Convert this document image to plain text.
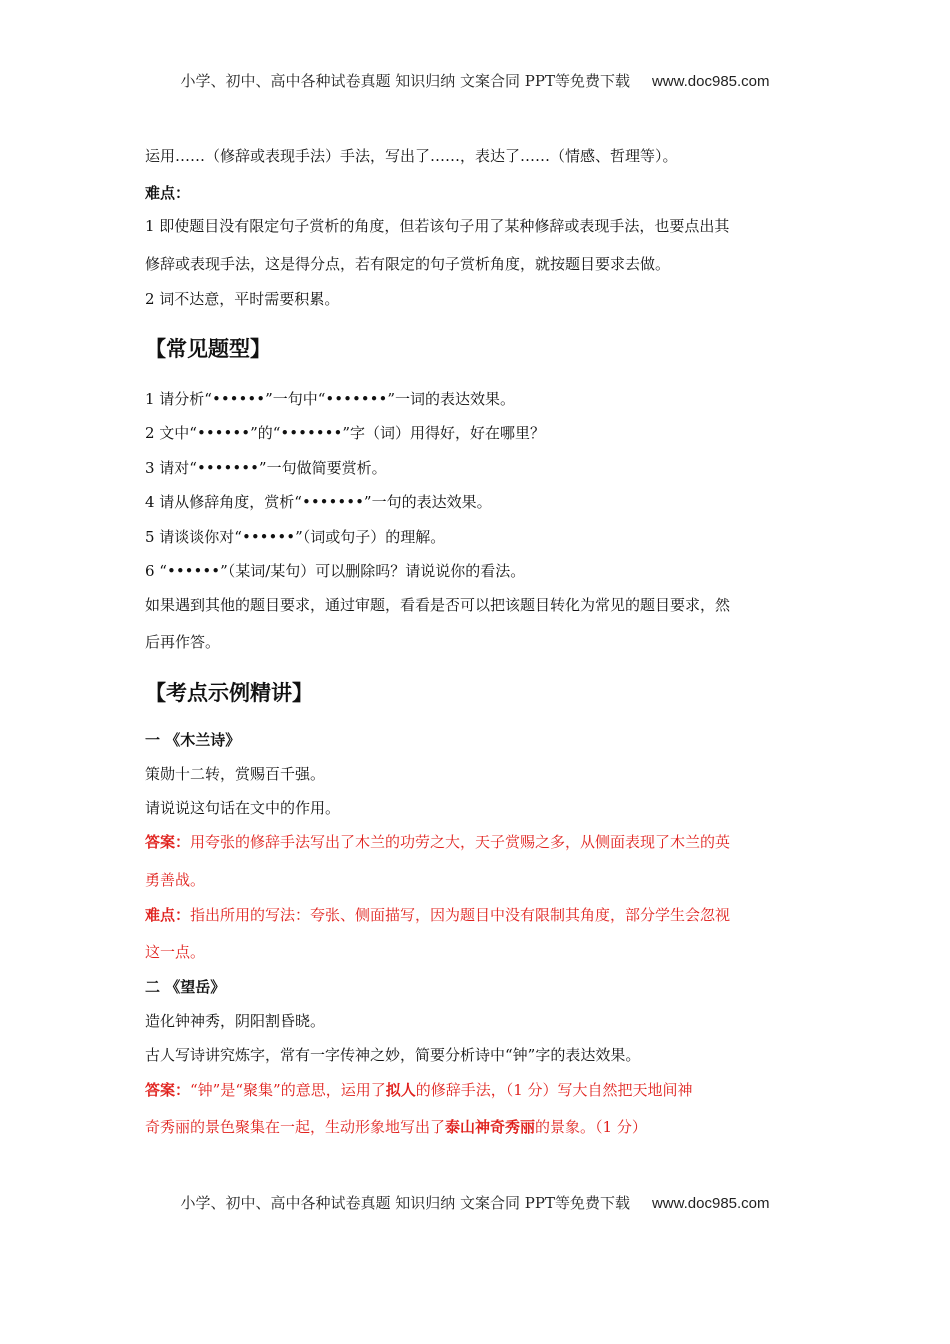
小学、初中、高中各种试卷真题 知识归纳 文案合同 PPT等免费下载 www.doc985.com
运用……（修辞或表现手法）手法，写出了……，表达了……（情感、哲理等）。
难点：
1 即使题目没有限定句子赏析的角度，但若该句子用了某种修辞或表现手法，也要点出其
修辞或表现手法，这是得分点，若有限定的句子赏析角度，就按题目要求去做。
2 词不达意，平时需要积累。
【常见题型】
1 请分析“••••••”一句中“•••••••”一词的表达效果。
2 文中“••••••”的“•••••••”字（词）用得好，好在哪里？
3 请对“•••••••”一句做简要赏析。
4 请从修辞角度，赏析“•••••••”一句的表达效果。
5 请谈谈你对“••••••”（词或句子）的理解。
6 “••••••”（某词/某句）可以删除吗？请说说你的看法。
如果遇到其他的题目要求，通过审题，看看是否可以把该题目转化为常见的题目要求，然
后再作答。
【考点示例精讲】
一 《木兰诗》
策勋十二转，赏赐百千强。
请说说这句话在文中的作用。
答案：用夸张的修辞手法写出了木兰的功劳之大，天子赏赐之多，从侧面表现了木兰的英
勇善战。
难点：指出所用的写法：夸张、侧面描写，因为题目中没有限制其角度，部分学生会忽视
这一点。
二 《望岳》
造化钟神秀，阴阳割昏晓。
古人写诗讲究炼字，常有一字传神之妙，简要分析诗中“钟”字的表达效果。
答案：“钟”是“聚集”的意思，运用了拟人的修辞手法，（1 分）写大自然把天地间神
奇秀丽的景色聚集在一起，生动形象地写出了泰山神奇秀丽的景象。（1 分）
小学、初中、高中各种试卷真题 知识归纳 文案合同 PPT等免费下载 www.doc985.com
